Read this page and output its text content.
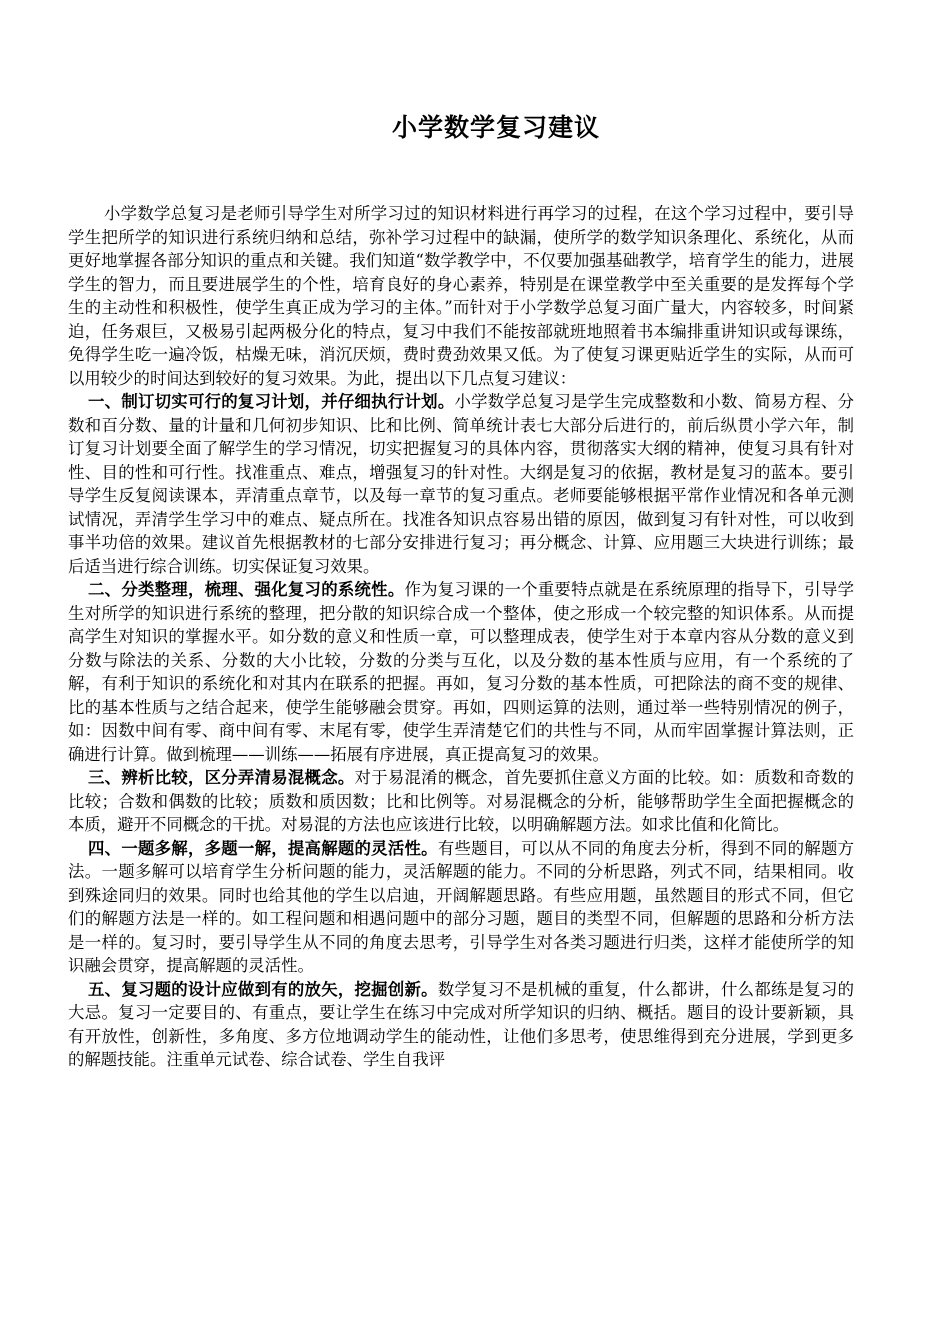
小学数学复习建议

小学数学总复习是老师引导学生对所学习过的知识材料进行再学习的过程，在这个学习过程中，要引导学生把所学的知识进行系统归纳和总结，弥补学习过程中的缺漏，使所学的数学知识条理化、系统化，从而更好地掌握各部分知识的重点和关键。我们知道“数学教学中，不仅要加强基础教学，培育学生的能力，进展学生的智力，而且要进展学生的个性，培育良好的身心素养，特别是在课堂教学中至关重要的是发挥每个学生的主动性和积极性，使学生真正成为学习的主体。”而针对于小学数学总复习面广量大，内容较多，时间紧迫，任务艰巨，又极易引起两极分化的特点，复习中我们不能按部就班地照着书本编排重讲知识或每课练，免得学生吃一遍冷饭，枯燥无味，消沉厌烦，费时费劲效果又低。为了使复习课更贴近学生的实际，从而可以用较少的时间达到较好的复习效果。为此，提出以下几点复习建议：

一、制订切实可行的复习计划，并仔细执行计划。小学数学总复习是学生完成整数和小数、简易方程、分数和百分数、量的计量和几何初步知识、比和比例、简单统计表七大部分后进行的，前后纵贯小学六年，制订复习计划要全面了解学生的学习情况，切实把握复习的具体内容，贯彻落实大纲的精神，使复习具有针对性、目的性和可行性。找准重点、难点，增强复习的针对性。大纲是复习的依据，教材是复习的蓝本。要引导学生反复阅读课本，弄清重点章节，以及每一章节的复习重点。老师要能够根据平常作业情况和各单元测试情况，弄清学生学习中的难点、疑点所在。找准各知识点容易出错的原因，做到复习有针对性，可以收到事半功倍的效果。建议首先根据教材的七部分安排进行复习；再分概念、计算、应用题三大块进行训练；最后适当进行综合训练。切实保证复习效果。

二、分类整理，梳理、强化复习的系统性。作为复习课的一个重要特点就是在系统原理的指导下，引导学生对所学的知识进行系统的整理，把分散的知识综合成一个整体，使之形成一个较完整的知识体系。从而提高学生对知识的掌握水平。如分数的意义和性质一章，可以整理成表，使学生对于本章内容从分数的意义到分数与除法的关系、分数的大小比较，分数的分类与互化，以及分数的基本性质与应用，有一个系统的了解，有利于知识的系统化和对其内在联系的把握。再如，复习分数的基本性质，可把除法的商不变的规律、比的基本性质与之结合起来，使学生能够融会贯穿。再如，四则运算的法则，通过举一些特别情况的例子，如：因数中间有零、商中间有零、末尾有零，使学生弄清楚它们的共性与不同，从而牢固掌握计算法则，正确进行计算。做到梳理——训练——拓展有序进展，真正提高复习的效果。

三、辨析比较，区分弄清易混概念。对于易混淆的概念，首先要抓住意义方面的比较。如：质数和奇数的比较；合数和偶数的比较；质数和质因数；比和比例等。对易混概念的分析，能够帮助学生全面把握概念的本质，避开不同概念的干扰。对易混的方法也应该进行比较，以明确解题方法。如求比值和化简比。

四、一题多解，多题一解，提高解题的灵活性。有些题目，可以从不同的角度去分析，得到不同的解题方法。一题多解可以培育学生分析问题的能力，灵活解题的能力。不同的分析思路，列式不同，结果相同。收到殊途同归的效果。同时也给其他的学生以启迪，开阔解题思路。有些应用题，虽然题目的形式不同，但它们的解题方法是一样的。如工程问题和相遇问题中的部分习题，题目的类型不同，但解题的思路和分析方法是一样的。复习时，要引导学生从不同的角度去思考，引导学生对各类习题进行归类，这样才能使所学的知识融会贯穿，提高解题的灵活性。

五、复习题的设计应做到有的放矢，挖掘创新。数学复习不是机械的重复，什么都讲，什么都练是复习的大忌。复习一定要目的、有重点，要让学生在练习中完成对所学知识的归纳、概括。题目的设计要新颖，具有开放性，创新性，多角度、多方位地调动学生的能动性，让他们多思考，使思维得到充分进展，学到更多的解题技能。注重单元试卷、综合试卷、学生自我评
